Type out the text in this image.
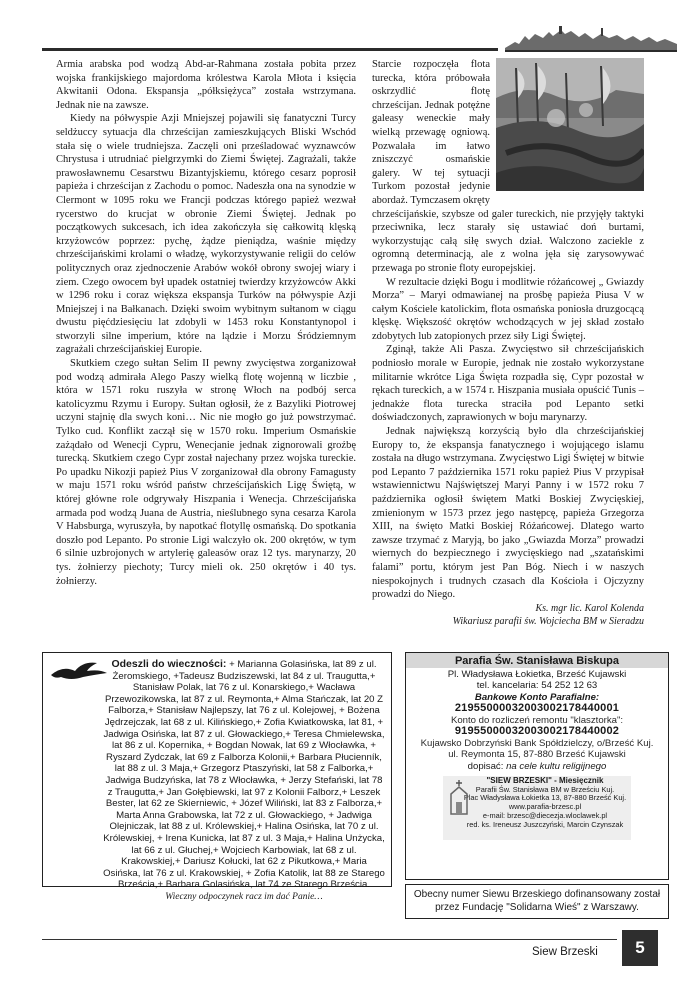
Armia arabska pod wodzą Abd-ar-Rahmana została pobita przez wojska frankijskiego majordoma królestwa Karola Młota i księcia Akwitanii Odona. Ekspansja „półksiężyca” została wstrzymana. Jednak nie na zawsze.

Kiedy na półwyspie Azji Mniejszej pojawili się fanatyczni Turcy seldżuccy sytuacja dla chrześcijan zamieszkujących Bliski Wschód stała się o wiele trudniejsza. Zaczęli oni prześladować wyznawców Chrystusa i utrudniać pielgrzymki do Ziemi Świętej. Zagrażali, także prawosławnemu Cesarstwu Bizantyjskiemu, którego cesarz poprosił papieża i chrześcijan z Zachodu o pomoc. Nadeszła ona na synodzie w Clermont w 1095 roku we Francji podczas którego papież wezwał rycerstwo do krucjat w obronie Ziemi Świętej. Jednak po początkowych sukcesach, ich idea zakończyła się całkowitą klęską krzyżowców poprzez: pychę, żądze pieniądza, waśnie między chrześcijańskimi krolami o władzę, wykorzystywanie religii do celów politycznych oraz zjednoczenie Arabów wokół obrony swojej wiary i ziem. Czego owocem był upadek ostatniej twierdzy krzyżowców Akki w 1296 roku i coraz większa ekspansja Turków na półwyspie Azji Mniejszej i na Bałkanach. Dzięki swoim wybitnym sułtanom w ciągu dwustu pięćdziesięciu lat zdobyli w 1453 roku Konstantynopol i stworzyli silne imperium, które na lądzie i Morzu Śródziemnym zagrażali chrześcijańskiej Europie.

Skutkiem czego sułtan Selim II pewny zwycięstwa zorganizował pod wodzą admirała Alego Paszy wielką flotę wojenną w liczbie , która w 1571 roku ruszyła w stronę Włoch na podbój serca katolicyzmu Rzymu i Europy. Sułtan ogłosił, że z Bazyliki Piotrowej uczyni stajnię dla swych koni… Nic nie mogło go już powstrzymać. Tylko cud. Konflikt zaczął się w 1570 roku. Imperium Osmańskie zażądało od Wenecji Cypru, Wenecjanie jednak zignorowali groźbę turecką. Skutkiem czego Cypr został najechany przez wojska tureckie. Po upadku Nikozji papież Pius V zorganizował dla obrony Famagusty w maju 1571 roku wśród państw chrześcijańskich Ligę Świętą, w której główne role odgrywały Hiszpania i Wenecja. Chrześcijańska armada pod wodzą Juana de Austria, nieślubnego syna cesarza Karola V Habsburga, wyruszyła, by napotkać flotyllę osmańską. Do spotkania doszło pod Lepanto. Po stronie Ligi walczyło ok. 200 okrętów, w tym 6 silnie uzbrojonych w artylerię galeasów oraz 12 tys. marynarzy, 20 tys. żołnierzy piechoty; Turcy mieli ok. 250 okrętów i 40 tys. żołnierzy.

Starcie rozpoczęła flota turecka, która próbowała oskrzydlić flotę chrześcijan. Jednak potężne galeasy weneckie mały wielką przewagę ogniową. Pozwalała im łatwo zniszczyć osmańskie galery. W tej sytuacji Turkom pozostał jedynie abordaż. Tymczasem okręty chrześcijańskie, szybsze od galer tureckich, nie przyjęły taktyki przeciwnika, lecz starały się ustawiać doń burtami, wykorzystując całą siłę swych dział. Walczono zacieklе z ogromną determinacją, ale z wolna jęła się zarysowywać przewaga po stronie floty europejskiej.

W rezultacie dzięki Bogu i modlitwie różańcowej „ Gwiazdy Morza” – Maryi odmawianej na prośbę papieża Piusa V w całym Kościele katolickim, flota osmańska poniosła druzgocącą klęskę. Większość okrętów wchodzących w jej skład zostało zdobytych lub zatopionych przez siły Ligi Świętej.

Zginął, także Ali Pasza. Zwycięstwo sił chrześcijańskich podniosło morale w Europie, jednak nie zostało wykorzystane militarnie wkrótce Liga Święta rozpadła się, Cypr pozostał w rękach tureckich, a w 1574 r. Hiszpania musiała opuścić Tunis – jednakże flota turecka straciła pod Lepanto setki doświadczonych, zaprawionych w boju marynarzy.

Jednak największą korzyścią było dla chrześcijańskiej Europy to, że ekspansja fanatycznego i wojującego islamu została na długo wstrzymana. Zwycięstwo Ligi Świętej w bitwie pod Lepanto 7 października 1571 roku papież Pius V przypisał wstawiennictwu Najświętszej Maryi Panny i w 1572 roku 7 października ogłosił świętem Matki Boskiej Zwycięskiej, zmienionym w 1573 przez jego następcę, papieża Grzegorza XIII, na święto Matki Boskiej Różańcowej. Dlatego warto zawsze trzymać z Maryją, bo jako „Gwiazda Morza” prowadzi wiernych do bezpiecznego i zwycięskiego nad „szatańskimi falami” portu, którym jest Pan Bóg. Niech i w naszych niespokojnych i trudnych czasach dla Kościoła i Ojczyzny prowadzi do Niego.

Ks. mgr lic. Karol Kolenda
Wikariusz parafii św. Wojciecha BM w Sieradzu
Odeszli do wieczności: + Marianna Golasińska, lat 89 z ul. Żeromskiego, +Tadeusz Budziszewski, lat 84 z ul. Traugutta,+ Stanisław Polak, lat 76 z ul. Konarskiego,+ Wacława Przewozikowska, lat 87 z ul. Reymonta,+ Alma Stańczak, lat 20 Z Falborza,+ Stanisław Najlepszy, lat 76 z ul. Kolejowej, + Bożena Jędrzejczak, lat 68 z ul. Kilińskiego,+ Zofia Kwiatkowska, lat 81, + Jadwiga Osińska, lat 87 z ul. Głowackiego,+ Teresa Chmielewska, lat 86 z ul. Kopernika, + Bogdan Nowak, lat 69 z Włocławka, + Ryszard Zydczak, lat 69 z Falborza Kolonii,+ Barbara Płucienník, lat 88 z ul. 3 Maja,+ Grzegorz Ptaszyński, lat 58 z Falborka,+ Jadwiga Budzyńska, lat 78 z Włocławka, + Jerzy Stefański, lat 78 z Traugutta,+ Jan Gołębiewski, lat 97 z Kolonii Falborz,+ Leszek Bester, lat 62 ze Skierniewic, + Józef Wiliński, lat 83 z Falborza,+ Marta Anna Grabowska, lat 72 z ul. Głowackiego, + Jadwiga Olejniczak, lat 88 z ul. Królewskiej,+ Halina Osińska, lat 70 z ul. Królewskiej, + Irena Kunicka, lat 87 z ul. 3 Maja,+ Halina Unżycka, lat 66 z ul. Głuchej,+ Wojciech Karbowiak, lat 68 z ul. Krakowskiej,+ Dariusz Kołucki, lat 62 z Pikutkowa,+ Maria Osińska, lat 76 z ul. Krakowskiej, + Zofia Katolik, lat 88 ze Starego Brześcia,+ Barbara Golasińska, lat 74 ze Starego Brześcia. Wieczny odpoczynek racz im dać Panie…
Parafia Św. Stanisława Biskupa
Pl. Władysława Łokietka, Brześć Kujawski
tel. kancelaria: 54 252 12 63
Bankowe Konto Parafialne:
21955000032003002178440001
Konto do rozliczeń remontu "klasztorka":
91955000032003002178440002
Kujawsko Dobrzyński Bank Spółdzielczy, o/Brześć Kuj.
ul. Reymonta 15, 87-880 Brześć Kujawski
dopisać: na cele kultu religijnego
"SIEW BRZESKI" - Miesięcznik
Parafii Św. Stanisława BM w Brześciu Kuj.
Plac Władysława Łokietka 13, 87-880 Brześć Kuj.
www.parafia-brzesc.pl
e-mail: brzesc@diecezja.wloclawek.pl
red. ks. Ireneusz Juszczyński, Marcin Czynszak
Obecny numer Siewu Brzeskiego dofinansowany został przez Fundację "Solidarna Wieś" z Warszawy.
Siew Brzeski	5
